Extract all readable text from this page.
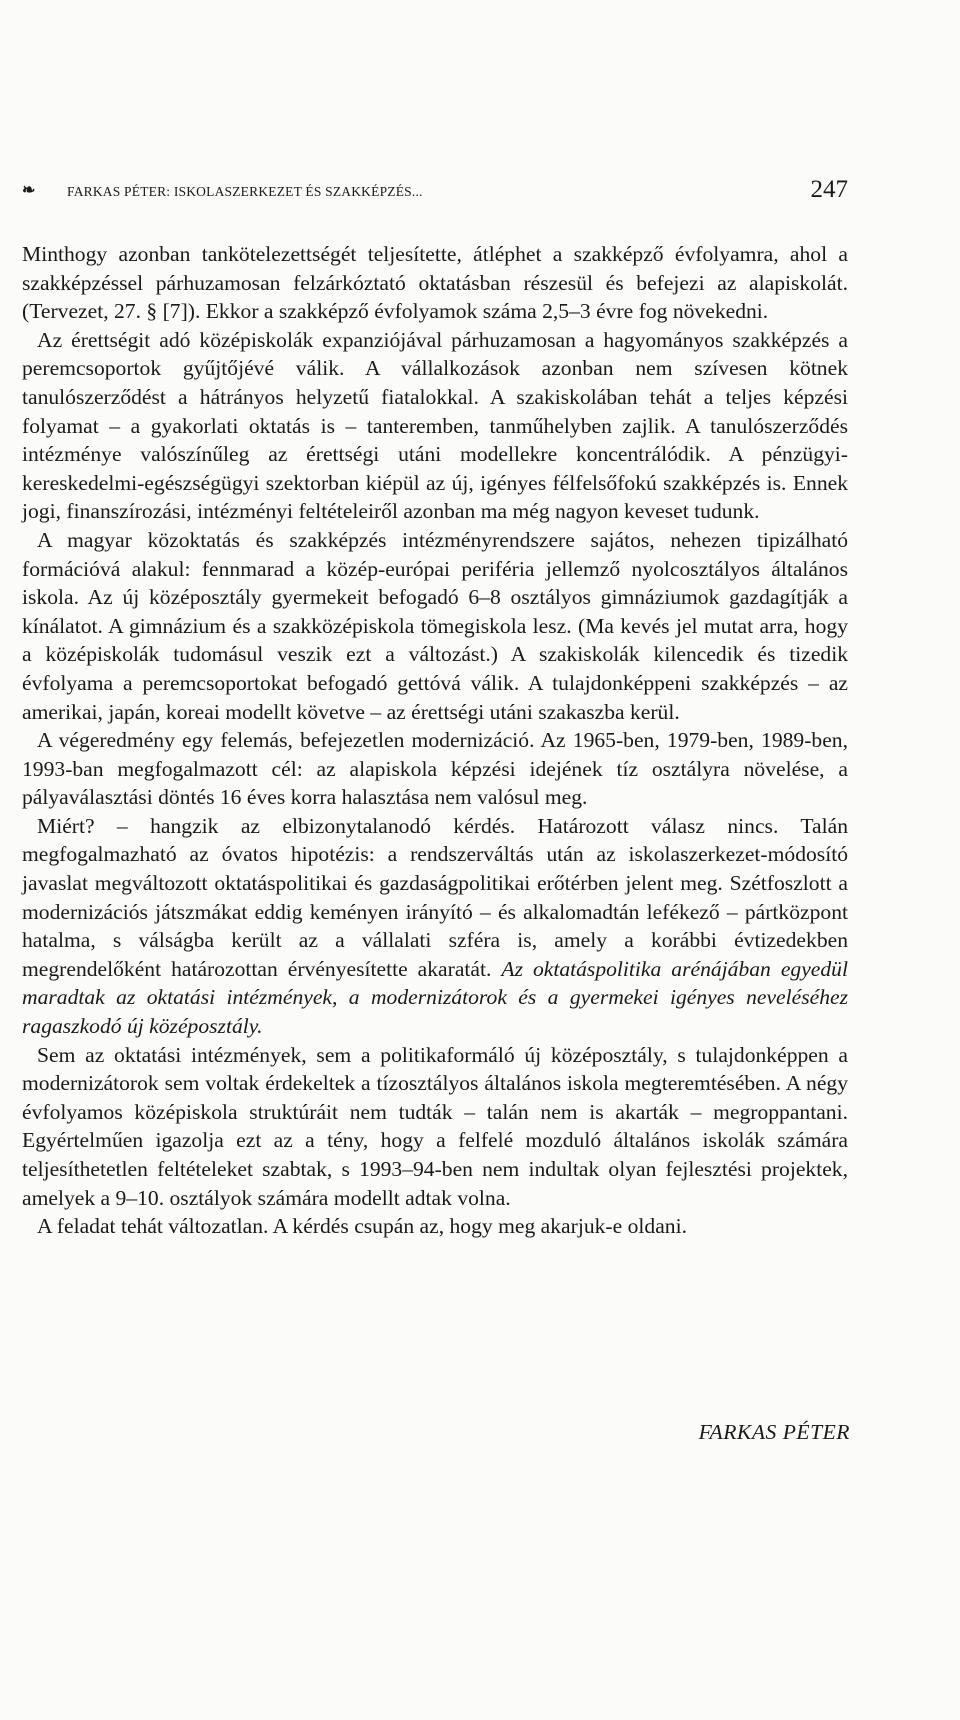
❧ FARKAS PÉTER: ISKOLASZERKEZET ÉS SZAKKÉPZÉS...	247

Minthogy azonban tankötelezettségét teljesítette, átléphet a szakképző évfolyamra, ahol a szakképzéssel párhuzamosan felzárkóztató oktatásban részesül és befejezi az alapiskolát. (Tervezet, 27. § [7]). Ekkor a szakképző évfolyamok száma 2,5–3 évre fog növekedni.

Az érettségit adó középiskolák expanziójával párhuzamosan a hagyományos szakképzés a peremcsoportok gyűjtőjévé válik. A vállalkozások azonban nem szívesen kötnek tanulószerződést a hátrányos helyzetű fiatalokkal. A szakiskolában tehát a teljes képzési folyamat – a gyakorlati oktatás is – tanteremben, tanműhelyben zajlik. A tanulószerződés intézménye valószínűleg az érettségi utáni modellekre koncentrálódik. A pénzügyi-kereskedelmi-egészségügyi szektorban kiépül az új, igényes félfelsőfokú szakképzés is. Ennek jogi, finanszírozási, intézményi feltételeiről azonban ma még nagyon keveset tudunk.

A magyar közoktatás és szakképzés intézményrendszere sajátos, nehezen tipizálható formációvá alakul: fennmarad a közép-európai periféria jellemző nyolcosztályos általános iskola. Az új középosztály gyermekeit befogadó 6–8 osztályos gimnáziumok gazdagítják a kínálatot. A gimnázium és a szakközépiskola tömegiskola lesz. (Ma kevés jel mutat arra, hogy a középiskolák tudomásul veszik ezt a változást.) A szakiskolák kilencedik és tizedik évfolyama a peremcsoportokat befogadó gettóvá válik. A tulajdonképpeni szakképzés – az amerikai, japán, koreai modellt követve – az érettségi utáni szakaszba kerül.

A végeredmény egy felemás, befejezetlen modernizáció. Az 1965-ben, 1979-ben, 1989-ben, 1993-ban megfogalmazott cél: az alapiskola képzési idejének tíz osztályra növelése, a pályaválasztási döntés 16 éves korra halasztása nem valósul meg.

Miért? – hangzik az elbizonytalanodó kérdés. Határozott válasz nincs. Talán megfogalmazható az óvatos hipotézis: a rendszerváltás után az iskolaszerkezet-módosító javaslat megváltozott oktatáspolitikai és gazdaságpolitikai erőtérben jelent meg. Szétfoszlott a modernizációs játszmákat eddig keményen irányító – és alkalomadtán lefékező – pártközpont hatalma, s válságba került az a vállalati szféra is, amely a korábbi évtizedekben megrendelőként határozottan érvényesítette akaratát. Az oktatáspolitika arénájában egyedül maradtak az oktatási intézmények, a modernizátorok és a gyermekei igényes neveléséhez ragaszkodó új középosztály.

Sem az oktatási intézmények, sem a politikaformáló új középosztály, s tulajdonképpen a modernizátorok sem voltak érdekeltek a tízosztályos általános iskola megteremtésében. A négy évfolyamos középiskola struktúráit nem tudták – talán nem is akarták – megroppantani. Egyértelműen igazolja ezt az a tény, hogy a felfelé mozduló általános iskolák számára teljesíthetetlen feltételeket szabtak, s 1993–94-ben nem indultak olyan fejlesztési projektek, amelyek a 9–10. osztályok számára modellt adtak volna.

A feladat tehát változatlan. A kérdés csupán az, hogy meg akarjuk-e oldani.

FARKAS PÉTER
